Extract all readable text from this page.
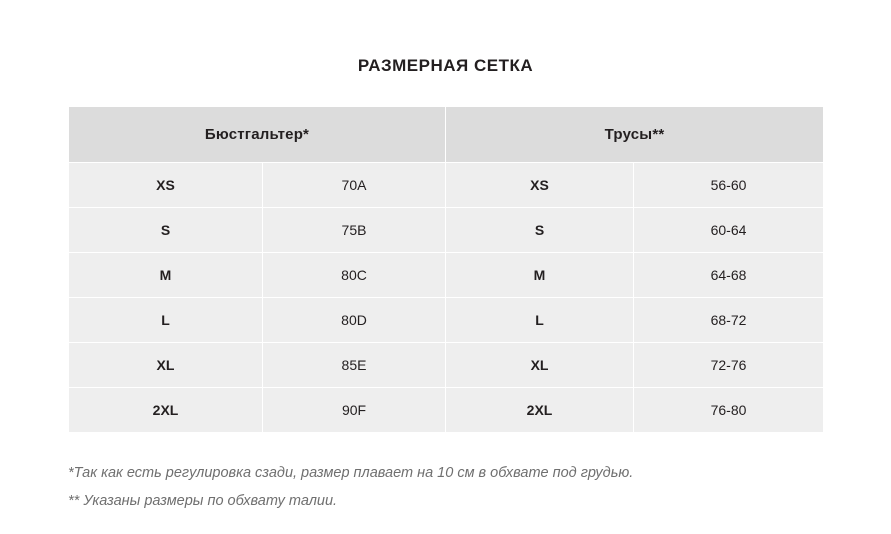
РАЗМЕРНАЯ СЕТКА
Бюстгальтер*		Трусы**	
XS	70A	XS	56-60
S	75B	S	60-64
M	80C	M	64-68
L	80D	L	68-72
XL	85E	XL	72-76
2XL	90F	2XL	76-80
*Так как есть регулировка сзади, размер плавает на 10 см в обхвате под грудью.
** Указаны размеры по обхвату талии.
